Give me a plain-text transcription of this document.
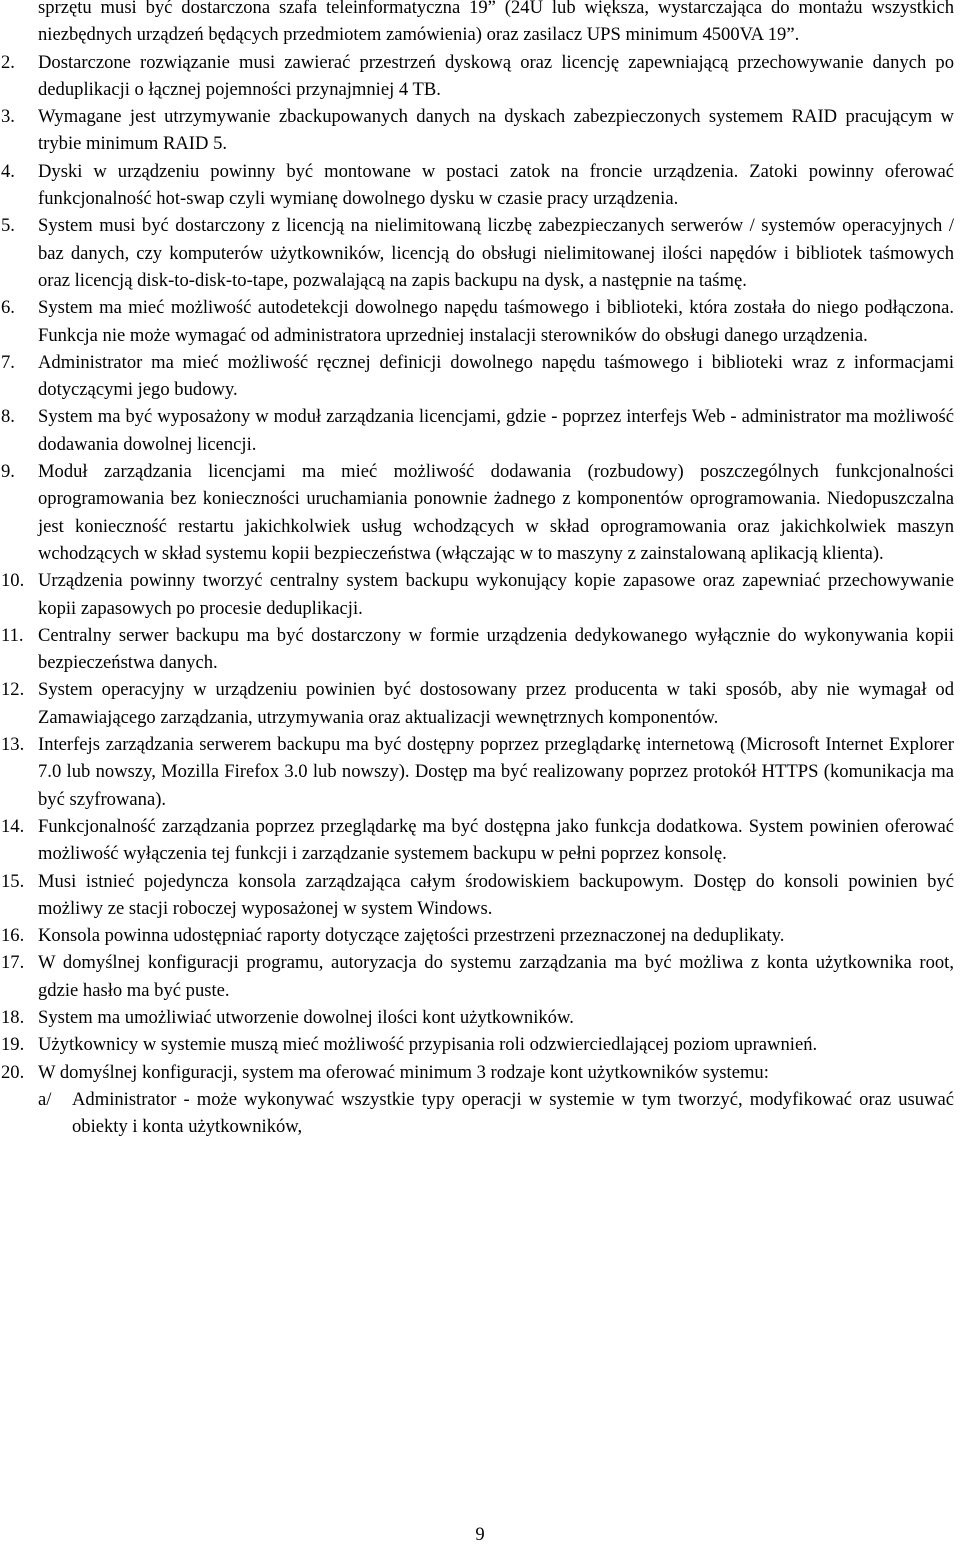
sprzętu musi być dostarczona szafa teleinformatyczna 19” (24U lub większa, wystarczająca do montażu wszystkich niezbędnych urządzeń będących przedmiotem zamówienia) oraz zasilacz UPS minimum 4500VA 19”.

2.	Dostarczone rozwiązanie musi zawierać przestrzeń dyskową oraz licencję zapewniającą przechowywanie danych po deduplikacji o łącznej pojemności przynajmniej 4 TB.
3.	Wymagane jest utrzymywanie zbackupowanych danych na dyskach zabezpieczonych systemem RAID pracującym w trybie minimum RAID 5.
4.	Dyski w urządzeniu powinny być montowane w postaci zatok na froncie urządzenia. Zatoki powinny oferować funkcjonalność hot-swap czyli wymianę dowolnego dysku w czasie pracy urządzenia.
5.	System musi być dostarczony z licencją na nielimitowaną liczbę zabezpieczanych serwerów / systemów operacyjnych / baz danych, czy komputerów użytkowników, licencją do obsługi nielimitowanej ilości napędów i bibliotek taśmowych oraz licencją disk-to-disk-to-tape, pozwalającą na zapis backupu na dysk, a następnie na taśmę.
6.	System ma mieć możliwość autodetekcji dowolnego napędu taśmowego i biblioteki, która została do niego podłączona. Funkcja nie może wymagać od administratora uprzedniej instalacji sterowników do obsługi danego urządzenia.
7.	Administrator ma mieć możliwość ręcznej definicji dowolnego napędu taśmowego i biblioteki wraz z informacjami dotyczącymi jego budowy.
8.	System ma być wyposażony w moduł zarządzania licencjami, gdzie - poprzez interfejs Web - administrator ma możliwość dodawania dowolnej licencji.
9.	Moduł zarządzania licencjami ma mieć możliwość dodawania (rozbudowy) poszczególnych funkcjonalności oprogramowania bez konieczności uruchamiania ponownie żadnego z komponentów oprogramowania. Niedopuszczalna jest konieczność restartu jakichkolwiek usług wchodzących w skład oprogramowania oraz jakichkolwiek maszyn wchodzących w skład systemu kopii bezpieczeństwa (włączając w to maszyny z zainstalowaną aplikacją klienta).
10. Urządzenia powinny tworzyć centralny system backupu wykonujący kopie zapasowe oraz zapewniać przechowywanie kopii zapasowych po procesie deduplikacji.
11. Centralny serwer backupu ma być dostarczony w formie urządzenia dedykowanego wyłącznie do wykonywania kopii bezpieczeństwa danych.
12. System operacyjny w urządzeniu powinien być dostosowany przez producenta w taki sposób, aby nie wymagał od Zamawiającego zarządzania, utrzymywania oraz aktualizacji wewnętrznych komponentów.
13. Interfejs zarządzania serwerem backupu ma być dostępny poprzez przeglądarkę internetową (Microsoft Internet Explorer 7.0 lub nowszy, Mozilla Firefox 3.0 lub nowszy). Dostęp ma być realizowany poprzez protokół HTTPS (komunikacja ma być szyfrowana).
14. Funkcjonalność zarządzania poprzez przeglądarkę ma być dostępna jako funkcja dodatkowa. System powinien oferować możliwość wyłączenia tej funkcji i zarządzanie systemem backupu w pełni poprzez konsolę.
15. Musi istnieć pojedyncza konsola zarządzająca całym środowiskiem backupowym. Dostęp do konsoli powinien być możliwy ze stacji roboczej wyposażonej w system Windows.
16. Konsola powinna udostępniać raporty dotyczące zajętości przestrzeni przeznaczonej na deduplikaty.
17. W domyślnej konfiguracji programu, autoryzacja do systemu zarządzania ma być możliwa z konta użytkownika root, gdzie hasło ma być puste.
18. System ma umożliwiać utworzenie dowolnej ilości kont użytkowników.
19. Użytkownicy w systemie muszą mieć możliwość przypisania roli odzwierciedlającej poziom uprawnień.
20. W domyślnej konfiguracji, system ma oferować minimum 3 rodzaje kont użytkowników systemu:
a/ Administrator - może wykonywać wszystkie typy operacji w systemie w tym tworzyć, modyfikować oraz usuwać obiekty i konta użytkowników,
9
